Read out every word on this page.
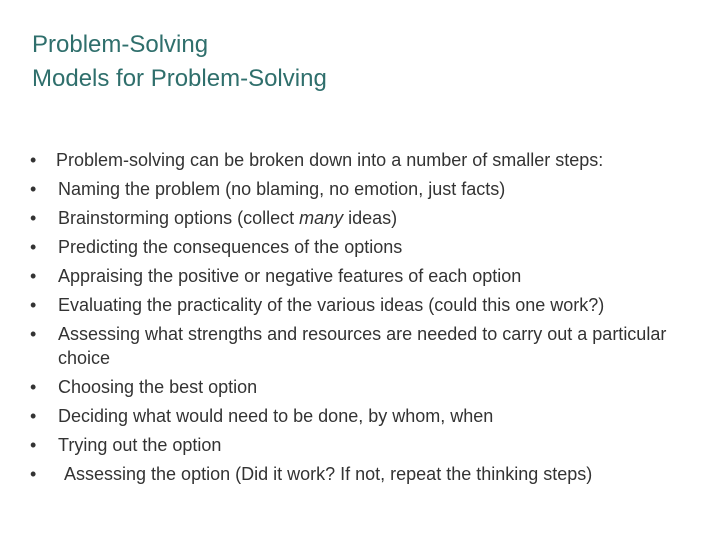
Problem-Solving
Models for Problem-Solving
•	Problem-solving can be broken down into a number of smaller steps:
•	Naming the problem (no blaming, no emotion, just facts)
•	Brainstorming options (collect many ideas)
•	Predicting the consequences of the options
•	Appraising the positive or negative features of each option
•	Evaluating the practicality of the various ideas (could this one work?)
•	Assessing what strengths and resources are needed to carry out a particular choice
•	Choosing the best option
•	Deciding what would need to be done, by whom, when
•	Trying out the option
•	Assessing the option (Did it work? If not, repeat the thinking steps)
